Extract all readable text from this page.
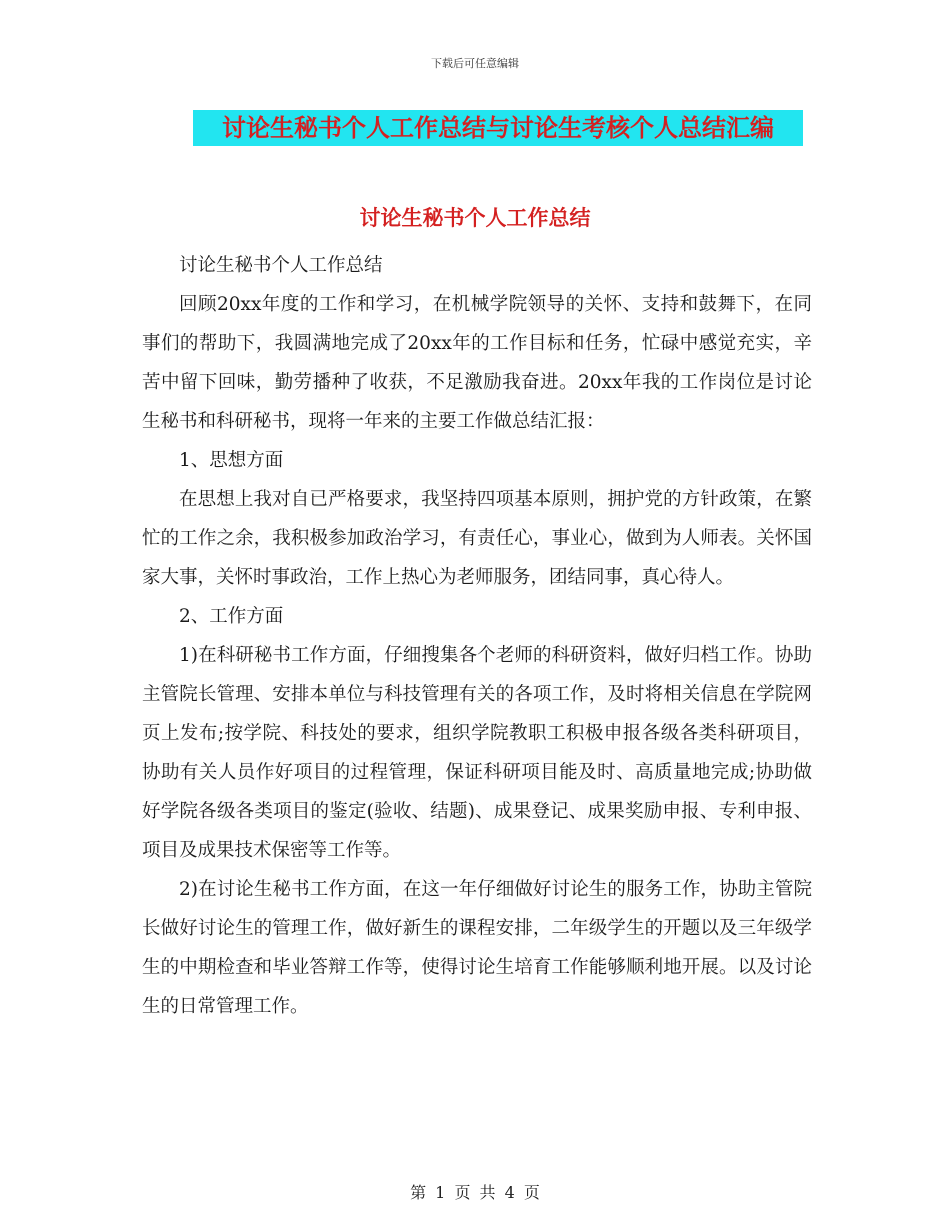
下载后可任意编辑
讨论生秘书个人工作总结与讨论生考核个人总结汇编
讨论生秘书个人工作总结

讨论生秘书个人工作总结

回顾20xx年度的工作和学习，在机械学院领导的关怀、支持和鼓舞下，在同事们的帮助下，我圆满地完成了20xx年的工作目标和任务，忙碌中感觉充实，辛苦中留下回味，勤劳播种了收获，不足激励我奋进。20xx年我的工作岗位是讨论生秘书和科研秘书，现将一年来的主要工作做总结汇报：

1、思想方面

在思想上我对自已严格要求，我坚持四项基本原则，拥护党的方针政策，在繁忙的工作之余，我积极参加政治学习，有责任心，事业心，做到为人师表。关怀国家大事，关怀时事政治，工作上热心为老师服务，团结同事，真心待人。

2、工作方面

1)在科研秘书工作方面，仔细搜集各个老师的科研资料，做好归档工作。协助主管院长管理、安排本单位与科技管理有关的各项工作，及时将相关信息在学院网页上发布;按学院、科技处的要求，组织学院教职工积极申报各级各类科研项目，协助有关人员作好项目的过程管理，保证科研项目能及时、高质量地完成;协助做好学院各级各类项目的鉴定(验收、结题)、成果登记、成果奖励申报、专利申报、项目及成果技术保密等工作等。

2)在讨论生秘书工作方面，在这一年仔细做好讨论生的服务工作，协助主管院长做好讨论生的管理工作，做好新生的课程安排，二年级学生的开题以及三年级学生的中期检查和毕业答辩工作等，使得讨论生培育工作能够顺利地开展。以及讨论生的日常管理工作。

第 1 页 共 4 页
